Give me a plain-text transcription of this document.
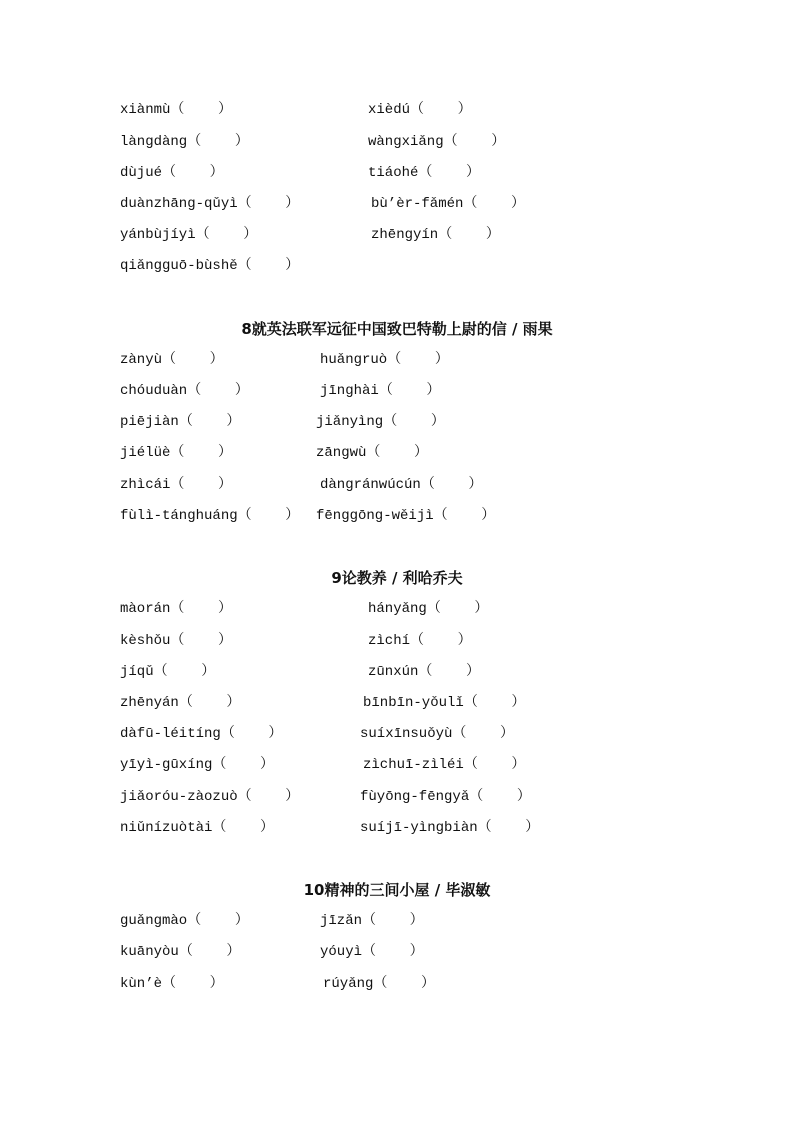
xiànmù（    ）	xièdú（    ）
làngdàng（    ）	wàngxiǎng（    ）
dùjué（    ）	tiáohé（    ）
duànzhāng-qǔyì（    ）	bù’èr-fǎmén（    ）
yánbùjíyì（    ）	zhēngyín（    ）
qiǎngguō-bùshě（    ）
8就英法联军远征中国致巴特勒上尉的信 / 雨果
zànyù（    ）	huǎngruò（    ）
chóuduàn（    ）	jīnghài（    ）
piējiàn（    ）	jiǎnyìng（    ）
jiélüè（    ）	zāngwù（    ）
zhìcái（    ）	dàngránwúcún（    ）
fùlì-tánghuáng（    ） fēnggōng-wěijì（    ）
9论教养 / 利哈乔夫
màorán（    ）	hányǎng（    ）
kèshǒu（    ）	zìchí（    ）
jíqǔ（    ）	zūnxún（    ）
zhēnyán（    ）	bīnbīn-yǒulǐ（    ）
dàfū-léitíng（    ）	suíxīnsuǒyù（    ）
yīyì-gūxíng（    ）	zìchuī-zìléi（    ）
jiǎoróu-zàozuò（    ）	fùyōng-fēngyǎ（    ）
niǔnízuòtài（    ）	suíjī-yìngbiàn（    ）
10精神的三间小屋 / 毕淑敏
guǎngmào（    ）	jīzǎn（    ）
kuānyòu（    ）	yóuyì（    ）
kùn’è（    ）	rúyǎng（    ）
